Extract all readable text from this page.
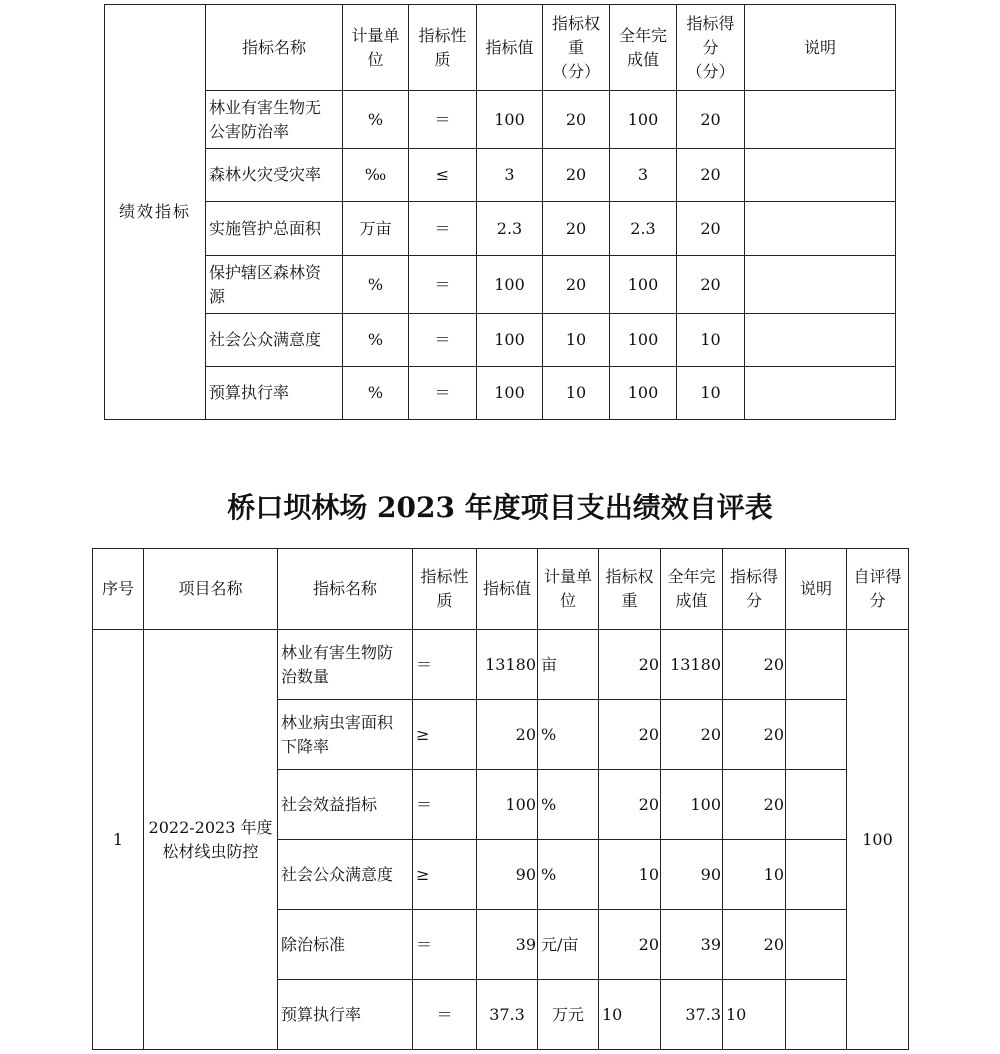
绩效指标	指标名称	计量单
位	指标性
质	指标值	指标权
重
（分）	全年完
成值	指标得
分
（分）	说明

	林业有害生物无
公害防治率	%	＝	100	20	100	20	

	森林火灾受灾率	‰	≤	3	20	3	20	

	实施管护总面积	万亩	＝	2.3	20	2.3	20	

	保护辖区森林资
源	%	＝	100	20	100	20	

	社会公众满意度	%	＝	100	10	100	10	

	预算执行率	%	＝	100	10	100	10	

桥口坝林场 2023 年度项目支出绩效自评表
序号	项目名称	指标名称	指标性
质	指标值	计量单
位	指标权
重	全年完
成值	指标得
分	说明	自评得
分

1	2022-2023 年度
松材线虫防控	林业有害生物防
治数量	＝	13180	亩	20	13180	20		100

		林业病虫害面积
下降率	≥	20	%	20	20	20		

		社会效益指标	＝	100	%	20	100	20		

		社会公众满意度	≥	90	%	10	90	10		

		除治标准	＝	39	元/亩	20	39	20		

		预算执行率	＝	37.3	万元	10	37.3	10		
